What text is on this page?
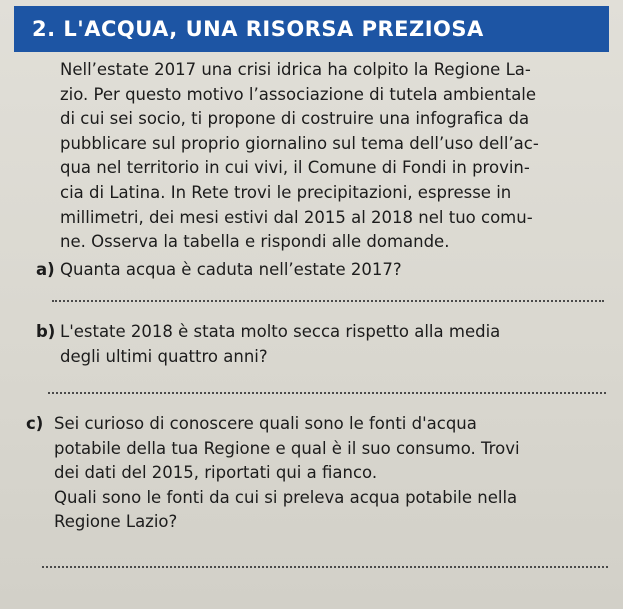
2. L'ACQUA, UNA RISORSA PREZIOSA

Nell’estate 2017 una crisi idrica ha colpito la Regione La-
zio. Per questo motivo l’associazione di tutela ambientale
di cui sei socio, ti propone di costruire una infografica da
pubblicare sul proprio giornalino sul tema dell’uso dell’ac-
qua nel territorio in cui vivi, il Comune di Fondi in provin-
cia di Latina. In Rete trovi le precipitazioni, espresse in
millimetri, dei mesi estivi dal 2015 al 2018 nel tuo comu-
ne. Osserva la tabella e rispondi alle domande.

a) Quanta acqua è caduta nell’estate 2017?
b) L'estate 2018 è stata molto secca rispetto alla media
degli ultimi quattro anni?
c) Sei curioso di conoscere quali sono le fonti d'acqua
potabile della tua Regione e qual è il suo consumo. Trovi
dei dati del 2015, riportati qui a fianco.
Quali sono le fonti da cui si preleva acqua potabile nella
Regione Lazio?
